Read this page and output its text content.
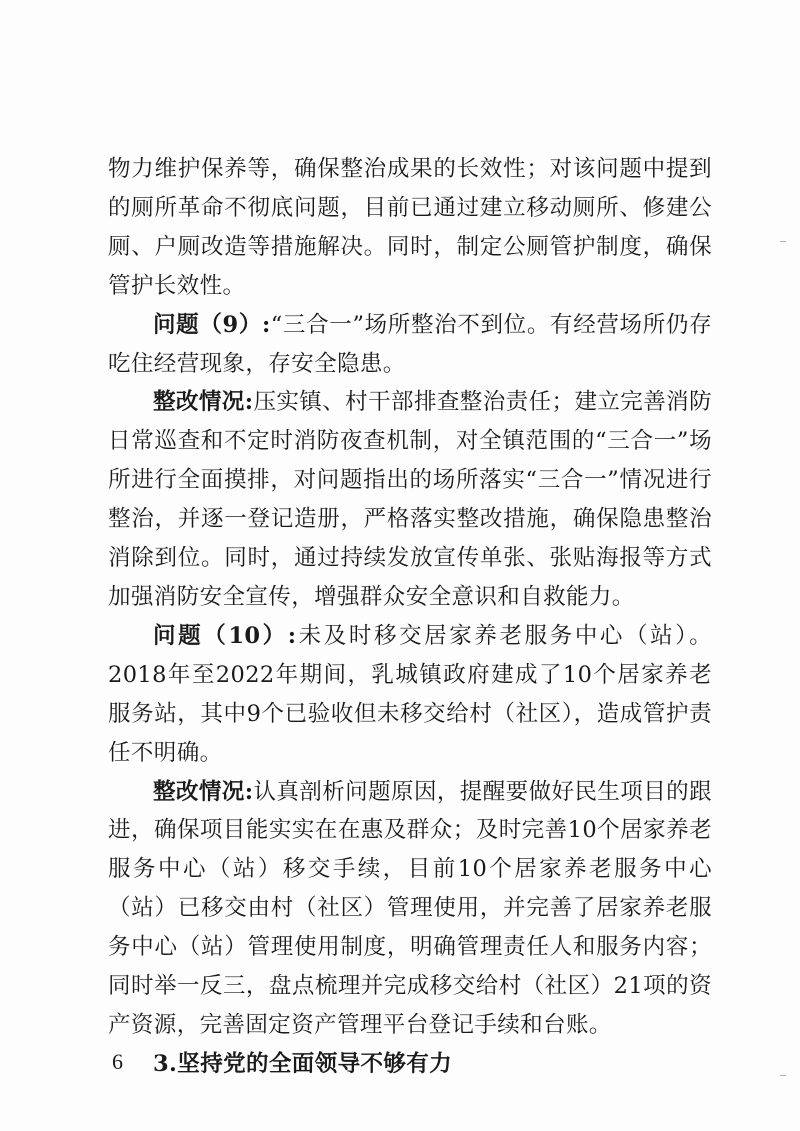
物力维护保养等，确保整治成果的长效性；对该问题中提到的厕所革命不彻底问题，目前已通过建立移动厕所、修建公厕、户厕改造等措施解决。同时，制定公厕管护制度，确保管护长效性。

问题（9）:“三合一”场所整治不到位。有经营场所仍存吃住经营现象，存安全隐患。

整改情况:压实镇、村干部排查整治责任；建立完善消防日常巡查和不定时消防夜查机制，对全镇范围的“三合一”场所进行全面摸排，对问题指出的场所落实“三合一”情况进行整治，并逐一登记造册，严格落实整改措施，确保隐患整治消除到位。同时，通过持续发放宣传单张、张贴海报等方式加强消防安全宣传，增强群众安全意识和自救能力。

问题（10）:未及时移交居家养老服务中心（站）。2018年至2022年期间，乳城镇政府建成了10个居家养老服务站，其中9个已验收但未移交给村（社区），造成管护责任不明确。

整改情况:认真剖析问题原因，提醒要做好民生项目的跟进，确保项目能实实在在惠及群众；及时完善10个居家养老服务中心（站）移交手续，目前10个居家养老服务中心（站）已移交由村（社区）管理使用，并完善了居家养老服务中心（站）管理使用制度，明确管理责任人和服务内容；同时举一反三，盘点梳理并完成移交给村（社区）21项的资产资源，完善固定资产管理平台登记手续和台账。

3.坚持党的全面领导不够有力

6
